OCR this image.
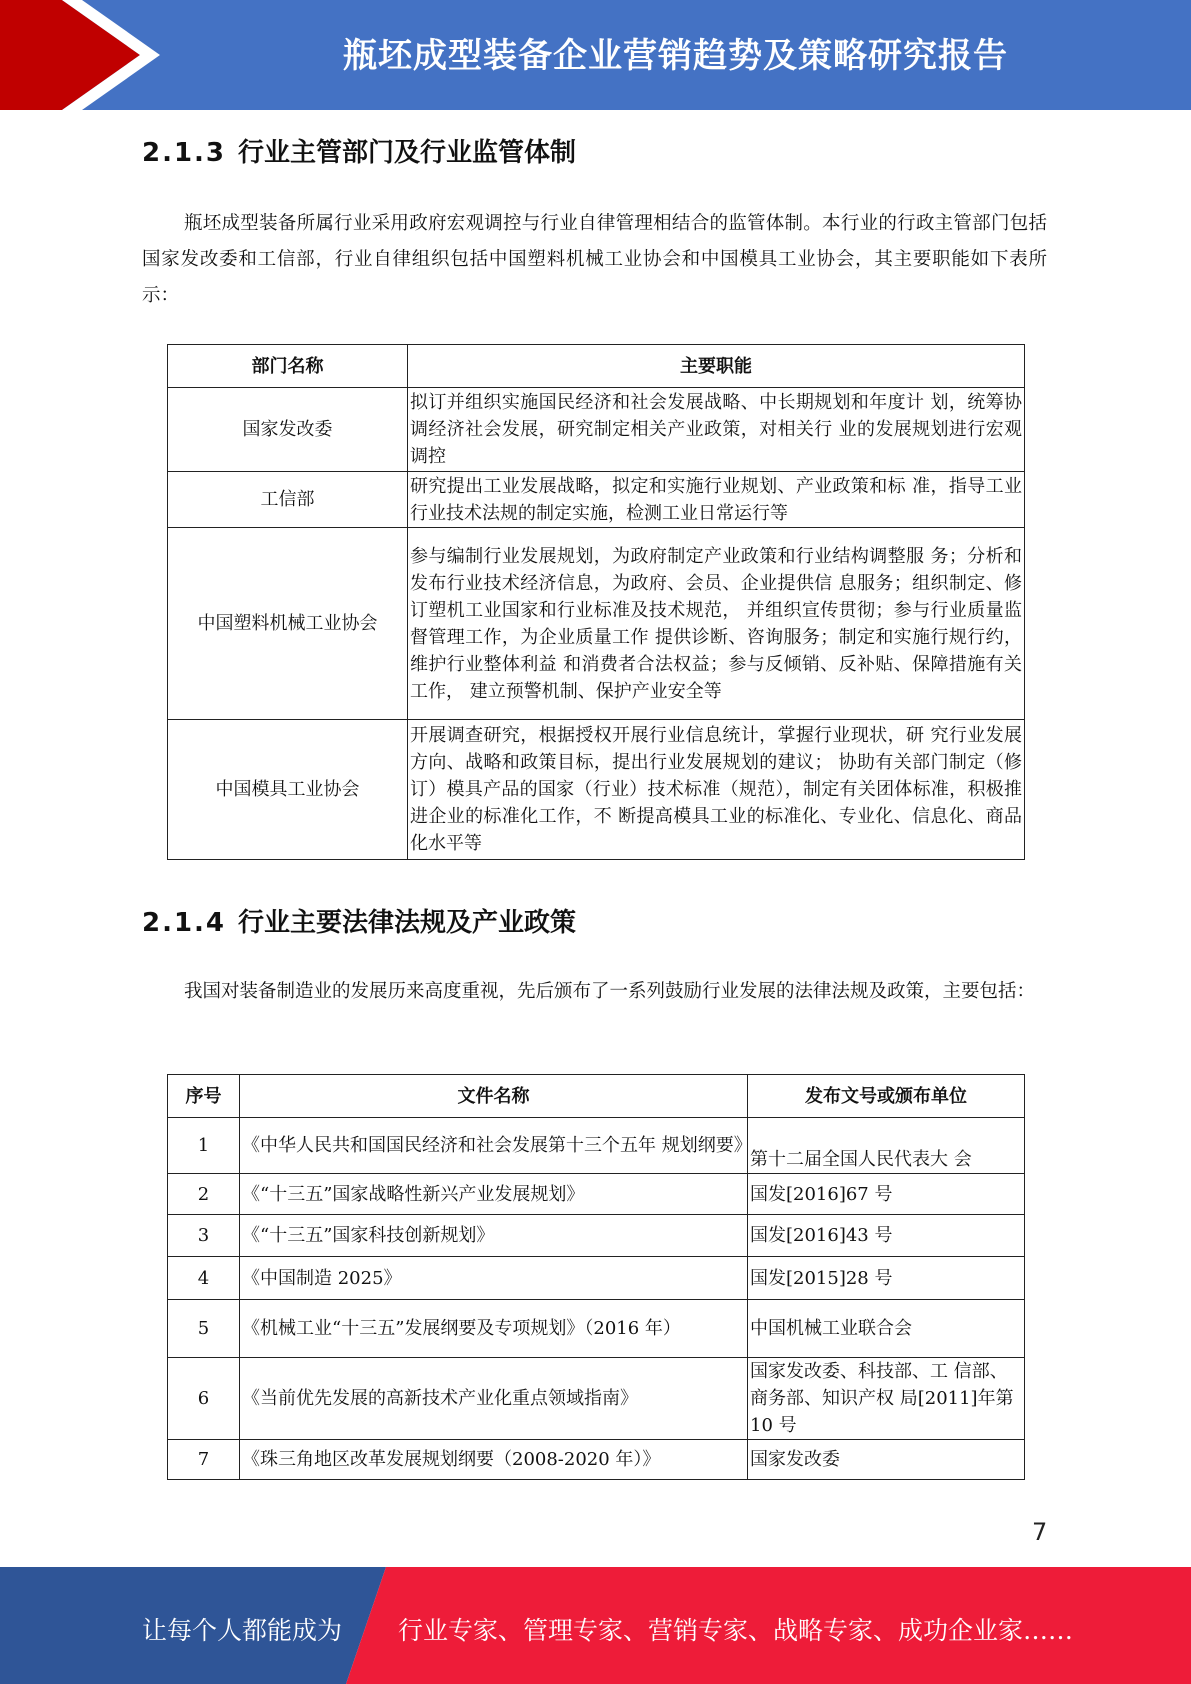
瓶坯成型装备企业营销趋势及策略研究报告
2.1.3 行业主管部门及行业监管体制
瓶坯成型装备所属行业采用政府宏观调控与行业自律管理相结合的监管体制。本行业的行政主管部门包括国家发改委和工信部，行业自律组织包括中国塑料机械工业协会和中国模具工业协会，其主要职能如下表所示：
部门名称	主要职能
国家发改委	拟订并组织实施国民经济和社会发展战略、中长期规划和年度计 划，统筹协调经济社会发展，研究制定相关产业政策，对相关行 业的发展规划进行宏观调控
工信部	研究提出工业发展战略，拟定和实施行业规划、产业政策和标 准，指导工业行业技术法规的制定实施，检测工业日常运行等
中国塑料机械工业协会	参与编制行业发展规划，为政府制定产业政策和行业结构调整服 务；分析和发布行业技术经济信息，为政府、会员、企业提供信 息服务；组织制定、修订塑机工业国家和行业标准及技术规范， 并组织宣传贯彻；参与行业质量监督管理工作，为企业质量工作 提供诊断、咨询服务；制定和实施行规行约，维护行业整体利益 和消费者合法权益；参与反倾销、反补贴、保障措施有关工作， 建立预警机制、保护产业安全等
中国模具工业协会	开展调查研究，根据授权开展行业信息统计，掌握行业现状，研 究行业发展方向、战略和政策目标，提出行业发展规划的建议； 协助有关部门制定（修订）模具产品的国家（行业）技术标准（规范），制定有关团体标准，积极推进企业的标准化工作，不 断提高模具工业的标准化、专业化、信息化、商品化水平等
2.1.4 行业主要法律法规及产业政策
我国对装备制造业的发展历来高度重视，先后颁布了一系列鼓励行业发展的法律法规及政策，主要包括：
序号	文件名称	发布文号或颁布单位
1	《中华人民共和国国民经济和社会发展第十三个五年 规划纲要》	第十二届全国人民代表大 会
2	《“十三五”国家战略性新兴产业发展规划》	国发[2016]67 号
3	《“十三五”国家科技创新规划》	国发[2016]43 号
4	《中国制造 2025》	国发[2015]28 号
5	《机械工业“十三五”发展纲要及专项规划》（2016 年）	中国机械工业联合会
6	《当前优先发展的高新技术产业化重点领域指南》	国家发改委、科技部、工 信部、商务部、知识产权 局[2011]年第 10 号
7	《珠三角地区改革发展规划纲要（2008-2020 年）》	国家发改委
7
让每个人都能成为 行业专家、管理专家、营销专家、战略专家、成功企业家……
